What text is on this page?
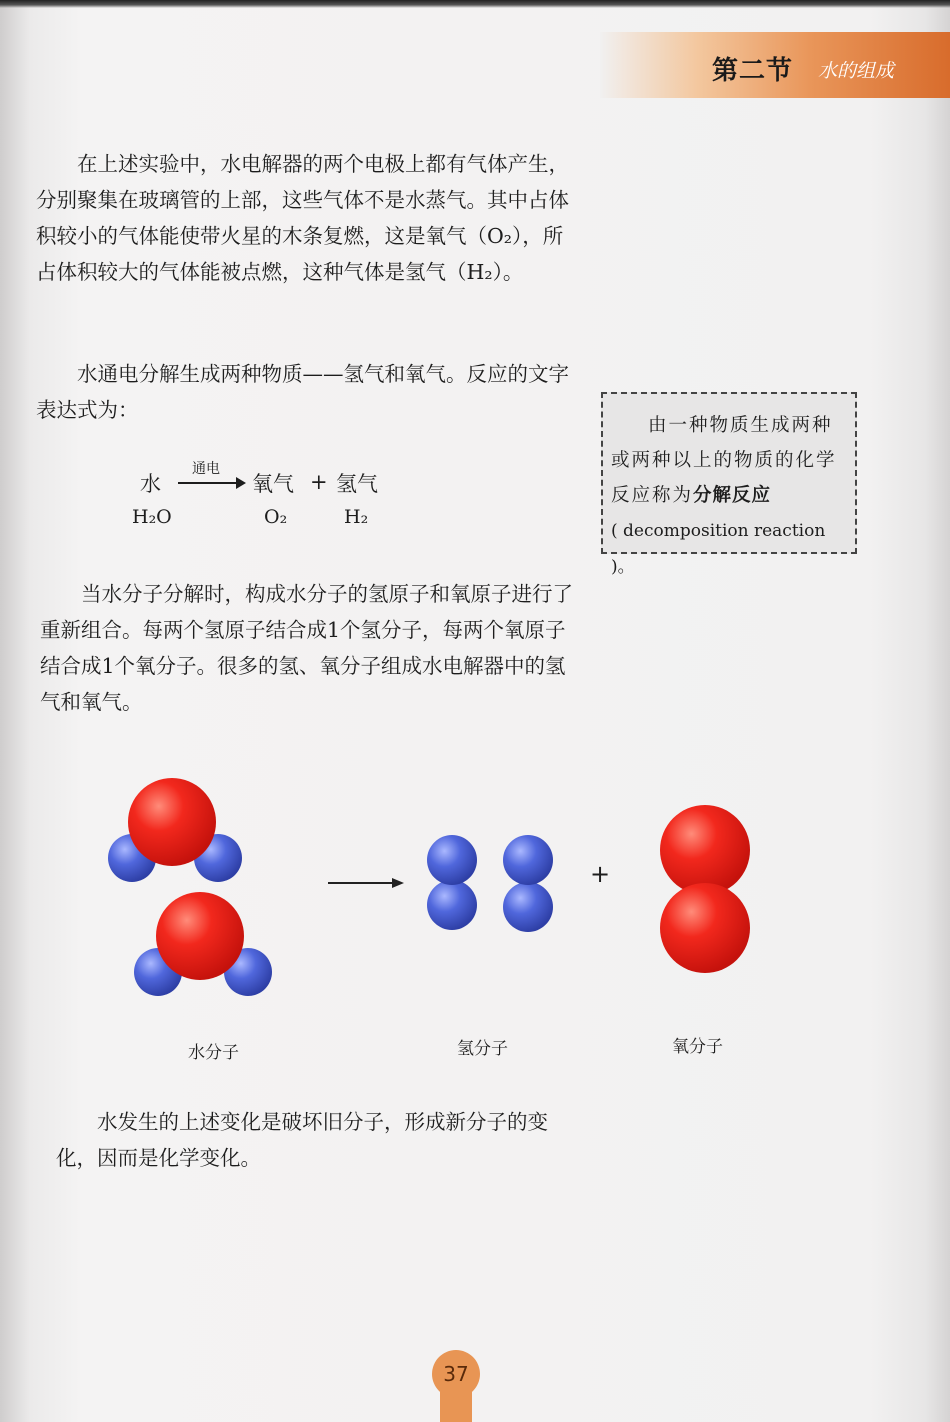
第二节 水的组成

在上述实验中，水电解器的两个电极上都有气体产生，分别聚集在玻璃管的上部，这些气体不是水蒸气。其中占体积较小的气体能使带火星的木条复燃，这是氧气（O₂），所占体积较大的气体能被点燃，这种气体是氢气（H₂）。

水通电分解生成两种物质——氢气和氧气。反应的文字表达式为：

水
通电
氧气 + 氢气
H₂O	O₂	H₂
由一种物质生成两种或两种以上的物质的化学反应称为分解反应
( decomposition reaction )。

当水分子分解时，构成水分子的氢原子和氧原子进行了重新组合。每两个氢原子结合成1个氢分子，每两个氧原子结合成1个氧分子。很多的氢、氧分子组成水电解器中的氢气和氧气。

+
水分子	氢分子	氧分子

水发生的上述变化是破坏旧分子，形成新分子的变化，因而是化学变化。

37
